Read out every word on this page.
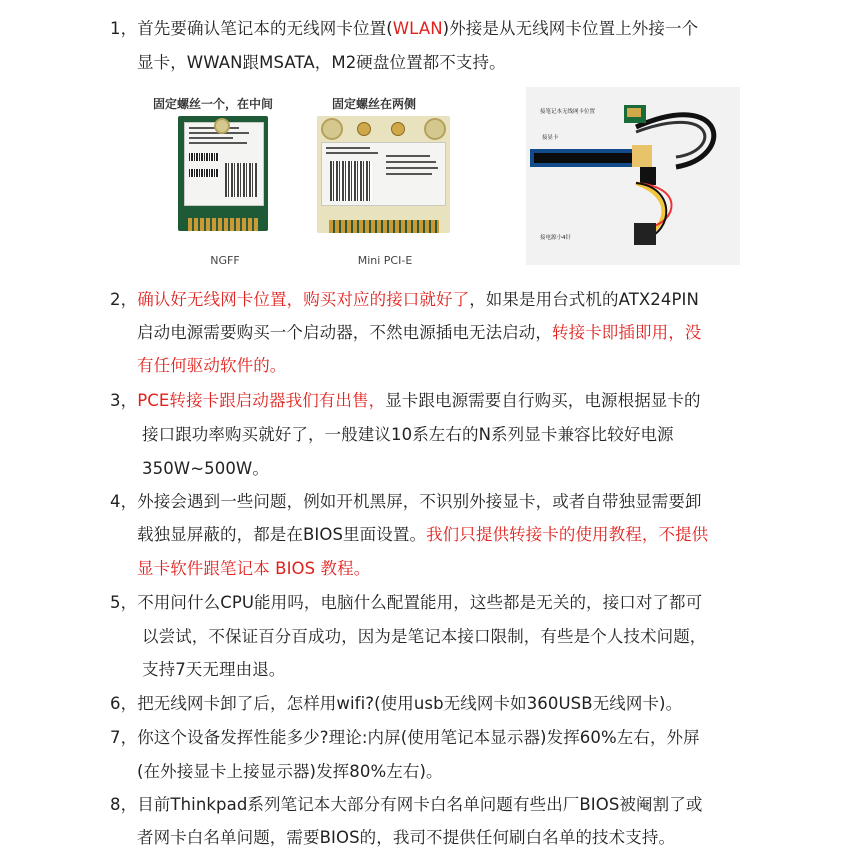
1，首先要确认笔记本的无线网卡位置(WLAN)外接是从无线网卡位置上外接一个
显卡，WWAN跟MSATA，M2硬盘位置都不支持。
固定螺丝一个，在中间
NGFF
固定螺丝在两侧
Mini PCI-E
接笔记本无线网卡位置
接显卡
接电源小4针
2，确认好无线网卡位置，购买对应的接口就好了，如果是用台式机的ATX24PIN
启动电源需要购买一个启动器，不然电源插电无法启动，转接卡即插即用，没
有任何驱动软件的。
3，PCE转接卡跟启动器我们有出售，显卡跟电源需要自行购买，电源根据显卡的
接口跟功率购买就好了，一般建议10系左右的N系列显卡兼容比较好电源
350W~500W。
4，外接会遇到一些问题，例如开机黑屏，不识别外接显卡，或者自带独显需要卸
载独显屏蔽的，都是在BIOS里面设置。我们只提供转接卡的使用教程，不提供
显卡软件跟笔记本 BIOS 教程。
5，不用问什么CPU能用吗，电脑什么配置能用，这些都是无关的，接口对了都可
以尝试，不保证百分百成功，因为是笔记本接口限制，有些是个人技术问题，
支持7天无理由退。
6，把无线网卡卸了后，怎样用wifi?(使用usb无线网卡如360USB无线网卡)。
7，你这个设备发挥性能多少?理论:内屏(使用笔记本显示器)发挥60%左右，外屏
(在外接显卡上接显示器)发挥80%左右)。
8，目前Thinkpad系列笔记本大部分有网卡白名单问题有些出厂BIOS被阉割了或
者网卡白名单问题，需要BIOS的，我司不提供任何刷白名单的技术支持。
